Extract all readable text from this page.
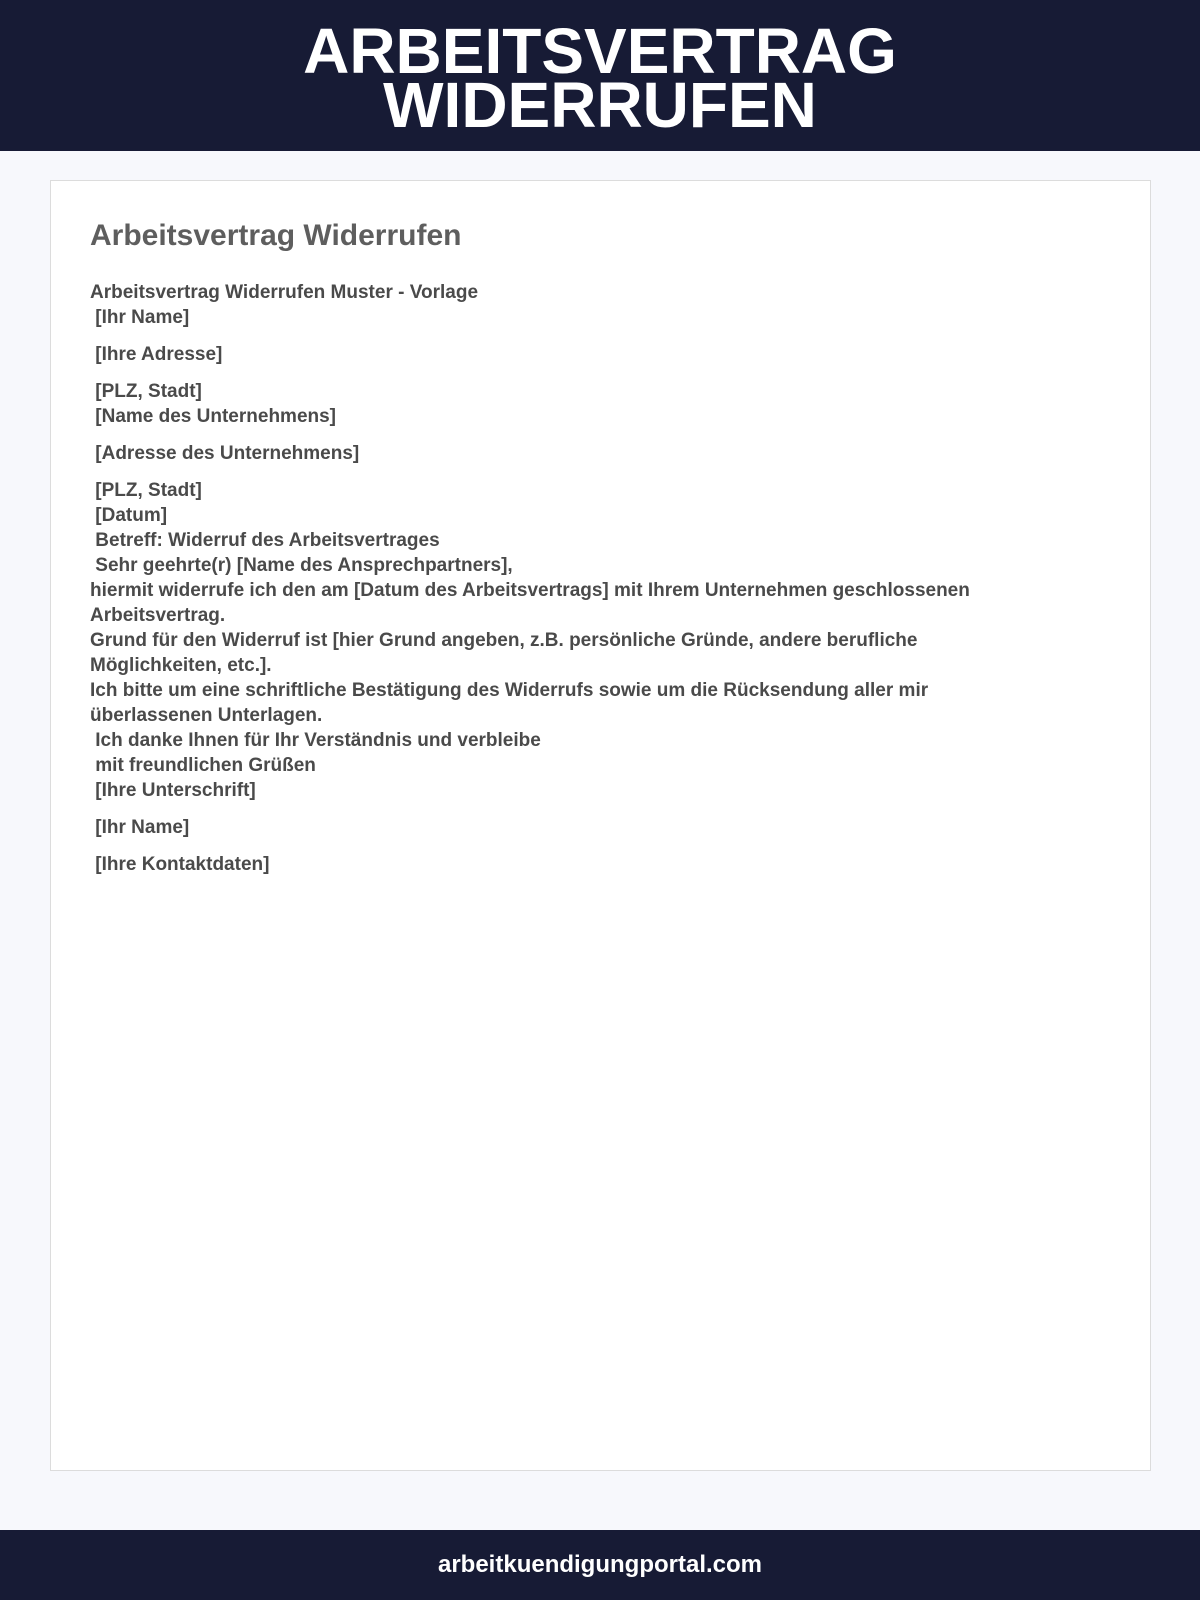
ARBEITSVERTRAG
WIDERRUFEN
Arbeitsvertrag Widerrufen
Arbeitsvertrag Widerrufen Muster - Vorlage
[Ihr Name]
[Ihre Adresse]
[PLZ, Stadt]
[Name des Unternehmens]
[Adresse des Unternehmens]
[PLZ, Stadt]
[Datum]
Betreff: Widerruf des Arbeitsvertrages
Sehr geehrte(r) [Name des Ansprechpartners],
hiermit widerrufe ich den am [Datum des Arbeitsvertrags] mit Ihrem Unternehmen geschlossenen
Arbeitsvertrag.
Grund für den Widerruf ist [hier Grund angeben, z.B. persönliche Gründe, andere berufliche
Möglichkeiten, etc.].
Ich bitte um eine schriftliche Bestätigung des Widerrufs sowie um die Rücksendung aller mir
überlassenen Unterlagen.
Ich danke Ihnen für Ihr Verständnis und verbleibe
mit freundlichen Grüßen
[Ihre Unterschrift]
[Ihr Name]
[Ihre Kontaktdaten]
arbeitkuendigungportal.com
